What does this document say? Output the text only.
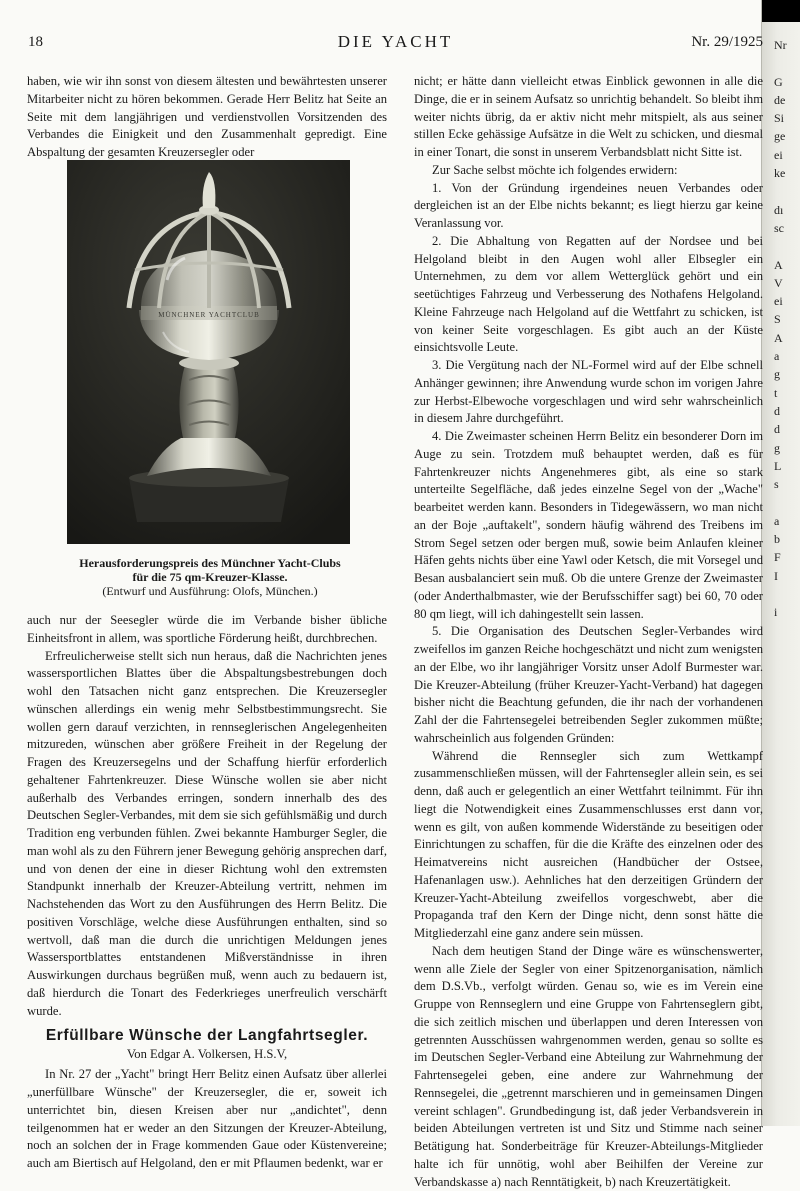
Nr
G
de
Si
ge
ei
ke
dı
sc
A
V
ei
S
A
a
g
t
d
d
g
L
s
a
b
F
I
i
18	DIE YACHT	Nr. 29/1925

haben, wie wir ihn sonst von diesem ältesten und bewährtesten unserer Mitarbeiter nicht zu hören bekommen. Gerade Herr Belitz hat Seite an Seite mit dem langjährigen und verdienstvollen Vorsitzenden des Verbandes die Einigkeit und den Zusammenhalt gepredigt. Eine Abspaltung der gesamten Kreuzersegler oder

MÜNCHNER YACHTCLUB
Herausforderungspreis des Münchner Yacht-Clubs
für die 75 qm-Kreuzer-Klasse.
(Entwurf und Ausführung: Olofs, München.)

auch nur der Seesegler würde die im Verbande bisher übliche Einheitsfront in allem, was sportliche Förderung heißt, durchbrechen.

Erfreulicherweise stellt sich nun heraus, daß die Nachrichten jenes wassersportlichen Blattes über die Abspaltungsbestrebungen doch wohl den Tatsachen nicht ganz entsprechen. Die Kreuzersegler wünschen allerdings ein wenig mehr Selbstbestimmungsrecht. Sie wollen gern darauf verzichten, in rennseglerischen Angelegenheiten mitzureden, wünschen aber größere Freiheit in der Regelung der Fragen des Kreuzersegelns und der Schaffung hierfür erforderlich gehaltener Fahrtenkreuzer. Diese Wünsche wollen sie aber nicht außerhalb des Verbandes erringen, sondern innerhalb des des Deutschen Segler-Verbandes, mit dem sie sich gefühlsmäßig und durch Tradition eng verbunden fühlen. Zwei bekannte Hamburger Segler, die man wohl als zu den Führern jener Bewegung gehörig ansprechen darf, und von denen der eine in dieser Richtung wohl den extremsten Standpunkt innerhalb der Kreuzer-Abteilung vertritt, nehmen im Nachstehenden das Wort zu den Ausführungen des Herrn Belitz. Die positiven Vorschläge, welche diese Ausführungen enthalten, sind so wertvoll, daß man die durch die unrichtigen Meldungen jenes Wassersportblattes entstandenen Mißverständnisse in ihren Auswirkungen durchaus begrüßen muß, wenn auch zu bedauern ist, daß hierdurch die Tonart des Federkrieges unerfreulich verschärft wurde.

Erfüllbare Wünsche der Langfahrtsegler.
Von Edgar A. Volkersen, H.S.V,

In Nr. 27 der „Yacht" bringt Herr Belitz einen Aufsatz über allerlei „unerfüllbare Wünsche" der Kreuzersegler, die er, soweit ich unterrichtet bin, diesen Kreisen aber nur „andichtet", denn teilgenommen hat er weder an den Sitzungen der Kreuzer-Abteilung, noch an solchen der in Frage kommenden Gaue oder Küstenvereine; auch am Biertisch auf Helgoland, den er mit Pflaumen bedenkt, war er

nicht; er hätte dann vielleicht etwas Einblick gewonnen in alle die Dinge, die er in seinem Aufsatz so unrichtig behandelt. So bleibt ihm weiter nichts übrig, da er aktiv nicht mehr mitspielt, als aus seiner stillen Ecke gehässige Aufsätze in die Welt zu schicken, und diesmal in einer Tonart, die sonst in unserem Verbandsblatt nicht Sitte ist.

Zur Sache selbst möchte ich folgendes erwidern:

1. Von der Gründung irgendeines neuen Verbandes oder dergleichen ist an der Elbe nichts bekannt; es liegt hierzu gar keine Veranlassung vor.

2. Die Abhaltung von Regatten auf der Nordsee und bei Helgoland bleibt in den Augen wohl aller Elbsegler ein Unternehmen, zu dem vor allem Wetterglück gehört und ein seetüchtiges Fahrzeug und Verbesserung des Nothafens Helgoland. Kleine Fahrzeuge nach Helgoland auf die Wettfahrt zu schicken, ist von keiner Seite vorgeschlagen. Es gibt auch an der Küste einsichtsvolle Leute.

3. Die Vergütung nach der NL-Formel wird auf der Elbe schnell Anhänger gewinnen; ihre Anwendung wurde schon im vorigen Jahre zur Herbst-Elbewoche vorgeschlagen und wird sehr wahrscheinlich in diesem Jahre durchgeführt.

4. Die Zweimaster scheinen Herrn Belitz ein besonderer Dorn im Auge zu sein. Trotzdem muß behauptet werden, daß es für Fahrtenkreuzer nichts Angenehmeres gibt, als eine so stark unterteilte Segelfläche, daß jedes einzelne Segel von der „Wache" bearbeitet werden kann. Besonders in Tidegewässern, wo man nicht an der Boje „auftakelt", sondern häufig während des Treibens im Strom Segel setzen oder bergen muß, sowie beim Anlaufen kleiner Häfen gehts nichts über eine Yawl oder Ketsch, die mit Vorsegel und Besan ausbalanciert sein muß. Ob die untere Grenze der Zweimaster (oder Anderthalbmaster, wie der Berufsschiffer sagt) bei 60, 70 oder 80 qm liegt, will ich dahingestellt sein lassen.

5. Die Organisation des Deutschen Segler-Verbandes wird zweifellos im ganzen Reiche hochgeschätzt und nicht zum wenigsten an der Elbe, wo ihr langjähriger Vorsitz unser Adolf Burmester war. Die Kreuzer-Abteilung (früher Kreuzer-Yacht-Verband) hat dagegen bisher nicht die Beachtung gefunden, die ihr nach der vorhandenen Zahl der die Fahrtensegelei betreibenden Segler zukommen müßte; wahrscheinlich aus folgenden Gründen:

Während die Rennsegler sich zum Wettkampf zusammenschließen müssen, will der Fahrtensegler allein sein, es sei denn, daß auch er gelegentlich an einer Wettfahrt teilnimmt. Für ihn liegt die Notwendigkeit eines Zusammenschlusses erst dann vor, wenn es gilt, von außen kommende Widerstände zu beseitigen oder Einrichtungen zu schaffen, für die die Kräfte des einzelnen oder des Heimatvereins nicht ausreichen (Handbücher der Ostsee, Hafenanlagen usw.). Aehnliches hat den derzeitigen Gründern der Kreuzer-Yacht-Abteilung zweifellos vorgeschwebt, aber die Propaganda traf den Kern der Dinge nicht, denn sonst hätte die Mitgliederzahl eine ganz andere sein müssen.

Nach dem heutigen Stand der Dinge wäre es wünschenswerter, wenn alle Ziele der Segler von einer Spitzenorganisation, nämlich dem D.S.Vb., verfolgt würden. Genau so, wie es im Verein eine Gruppe von Rennseglern und eine Gruppe von Fahrtenseglern gibt, die sich zeitlich mischen und überlappen und deren Interessen von getrennten Ausschüssen wahrgenommen werden, genau so sollte es im Deutschen Segler-Verband eine Abteilung zur Wahrnehmung der Fahrtensegelei geben, eine andere zur Wahrnehmung der Rennsegelei, die „getrennt marschieren und in gemeinsamen Dingen vereint schlagen". Grundbedingung ist, daß jeder Verbandsverein in beiden Abteilungen vertreten ist und Sitz und Stimme nach seiner Betätigung hat. Sonderbeiträge für Kreuzer-Abteilungs-Mitglieder halte ich für unnötig, wohl aber Beihilfen der Vereine zur Verbandskasse a) nach Renntätigkeit, b) nach Kreuzertätigkeit.
